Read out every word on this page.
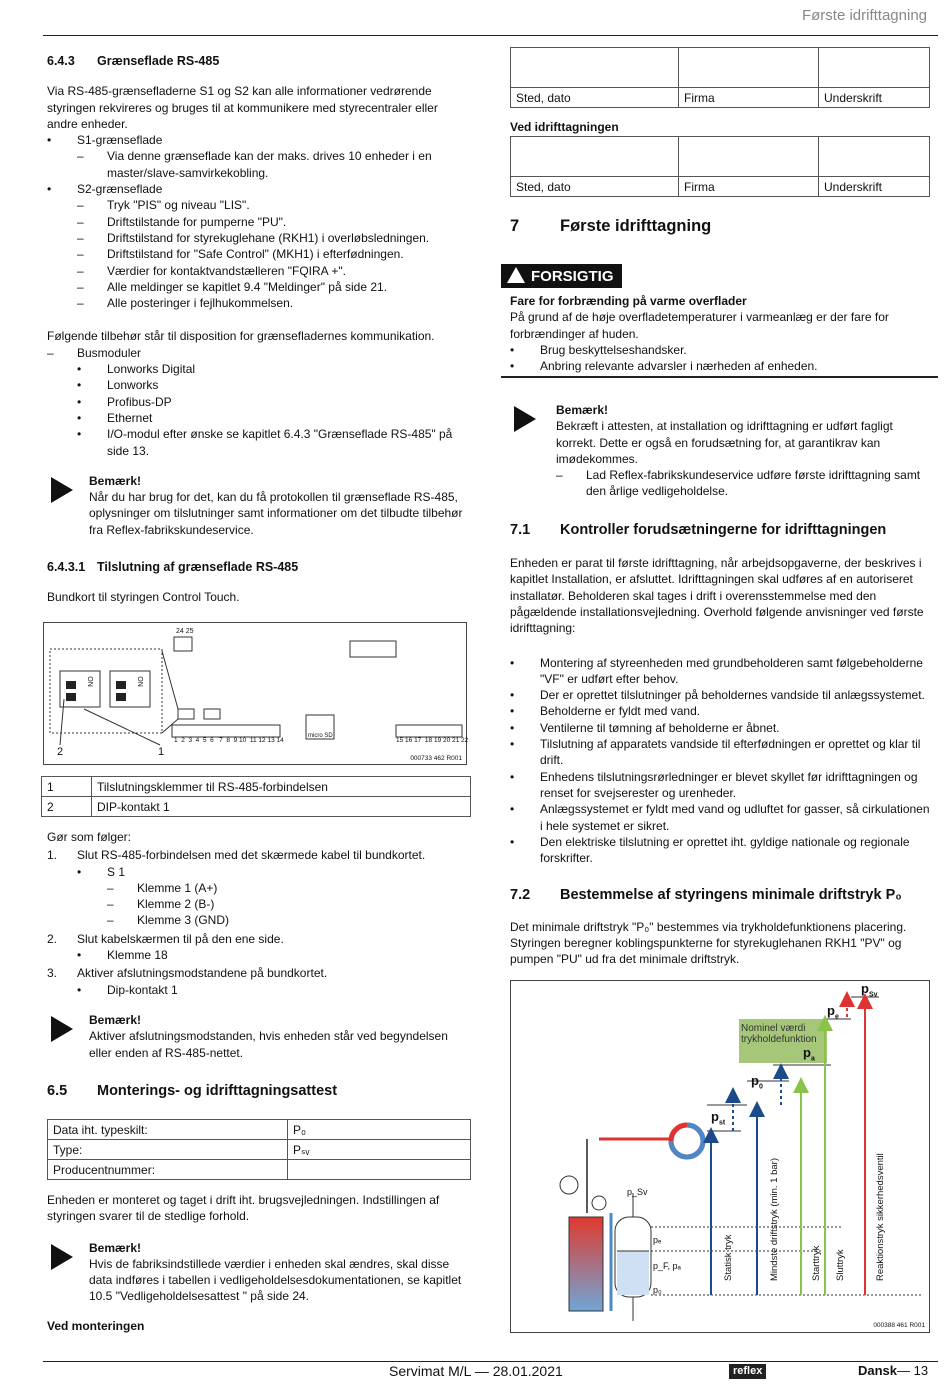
Første idrifttagning
6.4.3 Grænseflade RS-485

Via RS-485-grænsefladerne S1 og S2 kan alle informationer vedrørende styringen rekvireres og bruges til at kommunikere med styrecentraler eller andre enheder.

• S1-grænseflade
– Via denne grænseflade kan der maks. drives 10 enheder i en master/slave-samvirkekobling.
• S2-grænseflade
– Tryk "PIS" og niveau "LIS".
– Driftstilstande for pumperne "PU".
– Driftstilstand for styrekuglehane (RKH1) i overløbsledningen.
– Driftstilstand for "Safe Control" (MKH1) i efterfødningen.
– Værdier for kontaktvandstælleren "FQIRA +".
– Alle meldinger se kapitlet 9.4 "Meldinger" på side 21.
– Alle posteringer i fejlhukommelsen.

Følgende tilbehør står til disposition for grænsefladernes kommunikation.

– Busmoduler
• Lonworks Digital
• Lonworks
• Profibus-DP
• Ethernet
• I/O-modul efter ønske se kapitlet 6.4.3 "Grænseflade RS-485" på side 13.
Bemærk!
Når du har brug for det, kan du få protokollen til grænseflade RS-485, oplysninger om tilslutninger samt informationer om det tilbudte tilbehør fra Reflex-fabrikskundeservice.
6.4.3.1 Tilslutning af grænseflade RS-485

Bundkort til styringen Control Touch.

24 25
ON	ON
1  2  3  4  5  6   7  8  9 10  11 12 13 14	15 16 17  18 19 20 21 22
micro SD
1
2
000733 462 R001
1	Tilslutningsklemmer til RS-485-forbindelsen
2	DIP-kontakt 1

Gør som følger:

1. Slut RS-485-forbindelsen med det skærmede kabel til bundkortet.
• S 1
– Klemme 1 (A+)
– Klemme 2 (B-)
– Klemme 3 (GND)
2. Slut kabelskærmen til på den ene side.
• Klemme 18
3. Aktiver afslutningsmodstandene på bundkortet.
• Dip-kontakt 1
Bemærk!
Aktiver afslutningsmodstanden, hvis enheden står ved begyndelsen eller enden af RS-485-nettet.
6.5 Monterings- og idrifttagningsattest
Data iht. typeskilt:	P₀
Type:	Pₛᵥ
Producentnummer:	

Enheden er monteret og taget i drift iht. brugsvejledningen. Indstillingen af styringen svarer til de stedlige forhold.

Bemærk!
Hvis de fabriksindstillede værdier i enheden skal ændres, skal disse data indføres i tabellen i vedligeholdelsesdokumentationen, se kapitlet 10.5 "Vedligeholdelsesattest " på side 24.

Ved monteringen

Sted, dato	Firma	Underskrift
Ved idrifttagningen

Sted, dato	Firma	Underskrift
7 Første idrifttagning
FORSIGTIG

Fare for forbrænding på varme overflader

På grund af de høje overfladetemperaturer i varmeanlæg er der fare for forbrændinger af huden.

• Brug beskyttelseshandsker.
• Anbring relevante advarsler i nærheden af enheden.
Bemærk!
Bekræft i attesten, at installation og idrifttagning er udført fagligt korrekt. Dette er også en forudsætning for, at garantikrav kan imødekommes.
– Lad Reflex-fabrikskundeservice udføre første idrifttagning samt den årlige vedligeholdelse.
7.1 Kontroller forudsætningerne for idrifttagningen

Enheden er parat til første idrifttagning, når arbejdsopgaverne, der beskrives i kapitlet Installation, er afsluttet. Idrifttagningen skal udføres af en autoriseret installatør. Beholderen skal tages i drift i overensstemmelse med den pågældende installationsvejledning. Overhold følgende anvisninger ved første idrifttagning:

• Montering af styreenheden med grundbeholderen samt følgebeholderne "VF" er udført efter behov.
• Der er oprettet tilslutninger på beholdernes vandside til anlægssystemet.
• Beholderne er fyldt med vand.
• Ventilerne til tømning af beholderne er åbnet.
• Tilslutning af apparatets vandside til efterfødningen er oprettet og klar til drift.
• Enhedens tilslutningsrørledninger er blevet skyllet før idrifttagningen og renset for svejserester og urenheder.
• Anlægssystemet er fyldt med vand og udluftet for gasser, så cirkulationen i hele systemet er sikret.
• Den elektriske tilslutning er oprettet iht. gyldige nationale og regionale forskrifter.
7.2 Bestemmelse af styringens minimale driftstryk P₀

Det minimale driftstryk "P₀" bestemmes via trykholdefunktionens placering. Styringen beregner koblingspunkterne for styrekuglehanen RKH1 "PV" og pumpen "PU" ud fra det minimale driftstryk.

$p_{Sv}$
$p_e$
Nominel værdi trykholdefunktion
$p_a$
$p_0$
$p_{st}$
Statisk tryk	Mindste driftstryk (min. 1 bar)	Starttryk Sluttryk	Reaktionstryk sikkerhedsventil
pₑ
p_F, pₐ
p₀
p_Sv
000388 461 R001
Servimat M/L — 28.01.2021	reflex	Dansk — 13
